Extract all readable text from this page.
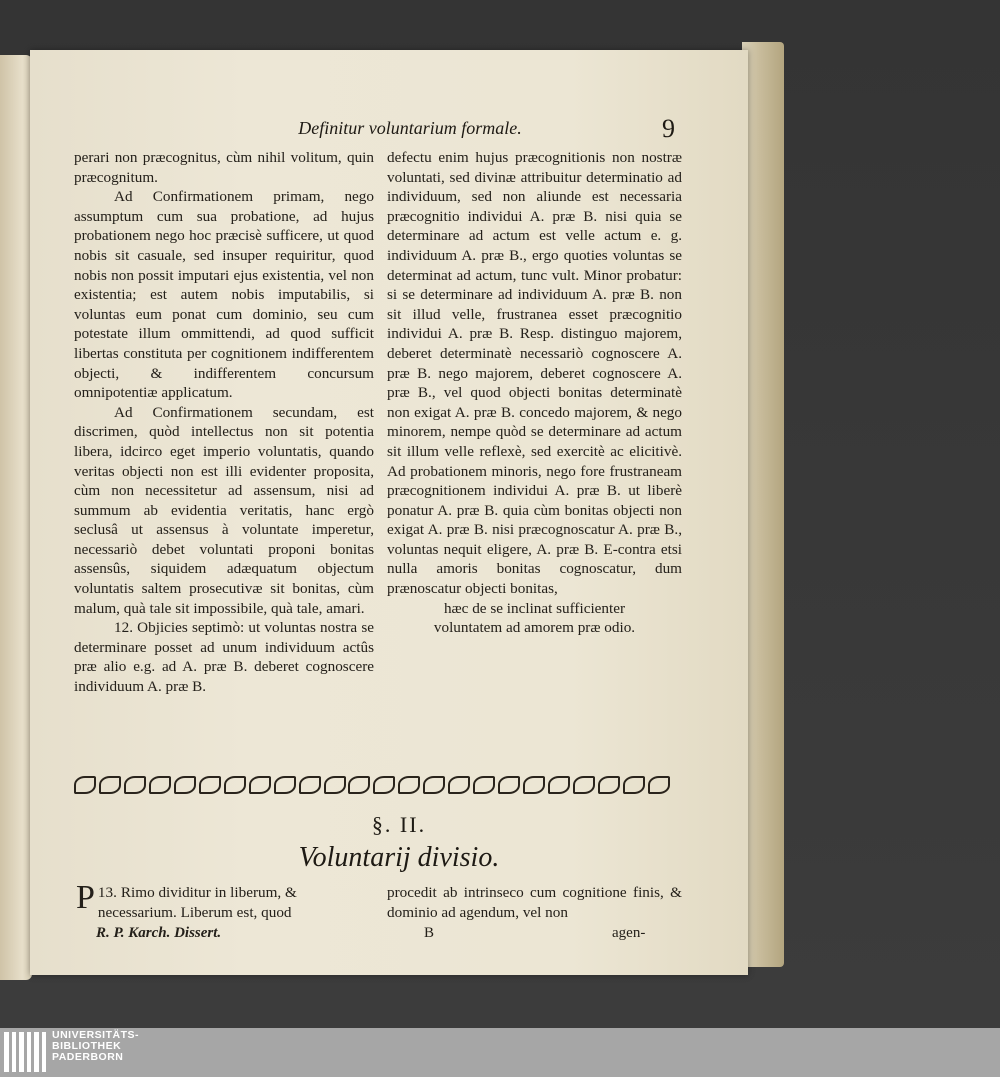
Definitur voluntarium formale.	9

perari non præcognitus, cùm nihil volitum, quin præcognitum.

Ad Confirmationem primam, nego assumptum cum sua probatione, ad hujus probationem nego hoc præcisè sufficere, ut quod nobis sit casuale, sed insuper requiritur, quod nobis non possit imputari ejus existentia, vel non existentia; est autem nobis imputabilis, si voluntas eum ponat cum dominio, seu cum potestate illum ommittendi, ad quod sufficit libertas constituta per cognitionem indifferentem objecti, & indifferentem concursum omnipotentiæ applicatum.

Ad Confirmationem secundam, est discrimen, quòd intellectus non sit potentia libera, idcirco eget imperio voluntatis, quando veritas objecti non est illi evidenter proposita, cùm non necessitetur ad assensum, nisi ad summum ab evidentia veritatis, hanc ergò seclusâ ut assensus à voluntate imperetur, necessariò debet voluntati proponi bonitas assensûs, siquidem adæquatum objectum voluntatis saltem prosecutivæ sit bonitas, cùm malum, quà tale sit impossibile, quà tale, amari.

12. Objicies septimò: ut voluntas nostra se determinare posset ad unum individuum actûs præ alio e.g. ad A. præ B. deberet cognoscere individuum A. præ B.

defectu enim hujus præcognitionis non nostræ voluntati, sed divinæ attribuitur determinatio ad individuum, sed non aliunde est necessaria præcognitio individui A. præ B. nisi quia se determinare ad actum est velle actum e. g. individuum A. præ B., ergo quoties voluntas se determinat ad actum, tunc vult. Minor probatur: si se determinare ad individuum A. præ B. non sit illud velle, frustranea esset præcognitio individui A. præ B. Resp. distinguo majorem, deberet determinatè necessariò cognoscere A. præ B. nego majorem, deberet cognoscere A. præ B., vel quod objecti bonitas determinatè non exigat A. præ B. concedo majorem, & nego minorem, nempe quòd se determinare ad actum sit illum velle reflexè, sed exercitè ac elicitivè. Ad probationem minoris, nego fore frustraneam præcognitionem individui A. præ B. ut liberè ponatur A. præ B. quia cùm bonitas objecti non exigat A. præ B. nisi præcognoscatur A. præ B., voluntas nequit eligere, A. præ B. E-contra etsi nulla amoris bonitas cognoscatur, dum prænoscatur objecti bonitas,

hæc de se inclinat sufficienter voluntatem ad amorem præ odio.

§. II.
Voluntarij divisio.
13.
P Rimo dividitur in liberum, & necessarium. Liberum est, quod
procedit ab intrinseco cum cognitione finis, & dominio ad agendum, vel non
R. P. Karch. Dissert.	B	agen-
UNIVERSITÄTS-
BIBLIOTHEK
PADERBORN
